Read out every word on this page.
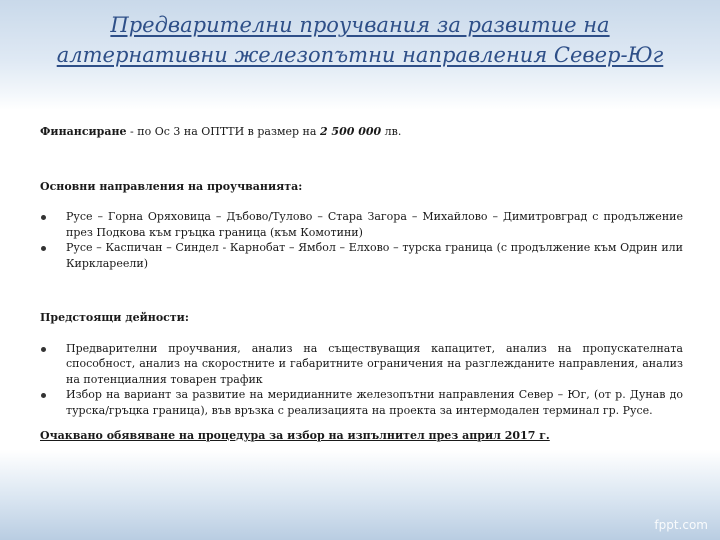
Предварителни проучвания за развитие на
алтернативни железопътни направления Север-Юг

Финансиране - по Ос 3 на ОПТТИ в размер на 2 500 000 лв.

Основни направления на проучванията:

Русе – Горна Оряховица – Дъбово/Тулово – Стара Загора – Михайлово – Димитровград с продължение през Подкова към гръцка граница (към Комотини)
Русе – Каспичан – Синдел - Карнобат – Ямбол – Елхово – турска граница (с продължение към Одрин или Кирклареели)

Предстоящи дейности:

Предварителни проучвания, анализ на съществуващия капацитет, анализ на пропускателната способност, анализ на скоростните и габаритните ограничения на разглежданите направления, анализ на потенциалния товарен трафик
Избор на вариант за развитие на меридианните железопътни направления Север – Юг, (от р. Дунав до турска/гръцка граница), във връзка с реализацията на проекта за интермодален терминал гр. Русе.

Очаквано обявяване на процедура за избор на изпълнител през април 2017 г.

fppt.com
